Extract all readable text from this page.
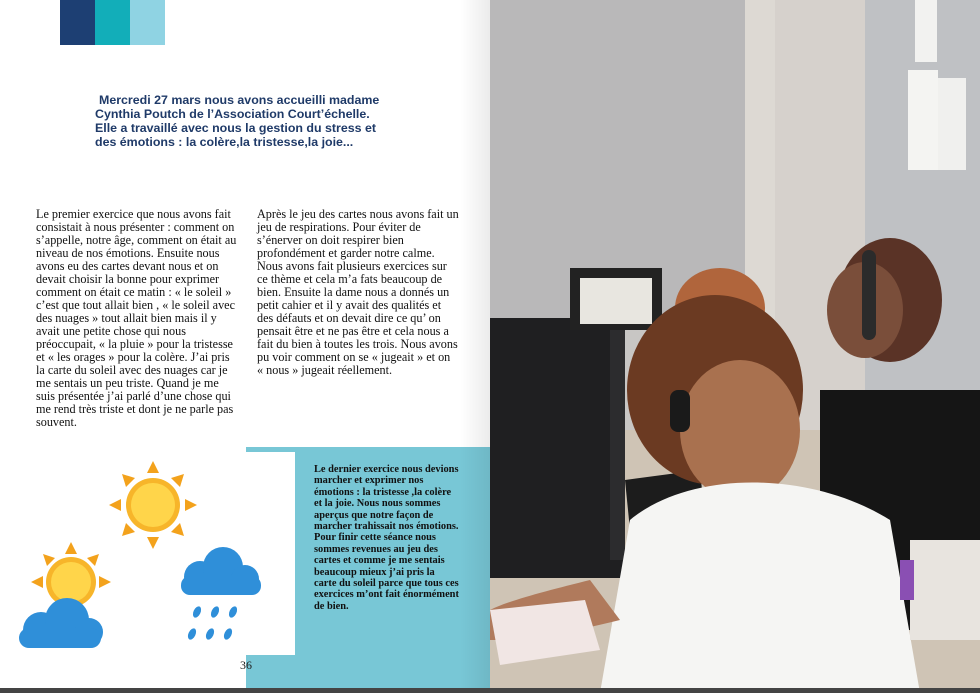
Mercredi 27 mars nous avons accueilli madame
Cynthia Poutch de l’Association Court’échelle.
Elle a travaillé avec nous la gestion du stress et
des émotions : la colère,la tristesse,la joie...
Le premier exercice que nous avons fait consistait à nous présenter : comment on s’appelle, notre âge, comment on était au niveau de nos émotions. Ensuite nous avons eu des cartes devant nous et on devait choisir la bonne pour exprimer comment on était ce matin : « le soleil » c’est que tout allait bien , « le soleil avec des nuages » tout allait bien mais il y avait une petite chose qui nous préoccupait, « la pluie » pour la tristesse et « les orages » pour la colère. J’ai pris la carte du soleil avec des nuages car je me sentais un peu triste. Quand je me suis présentée j’ai parlé d’une chose qui me rend très triste et dont je ne parle pas souvent.
Après le jeu des cartes nous avons fait un jeu de respirations. Pour éviter de s’énerver on doit respirer bien profondément et garder notre calme. Nous avons fait plusieurs exercices sur ce thème et cela m’a fats beaucoup de bien. Ensuite la dame nous a donnés un petit cahier et il y avait des qualités et des défauts et on devait dire ce qu’ on pensait être et ne pas être et cela nous a fait du bien à toutes les trois. Nous avons pu voir comment on se « jugeait » et on « nous » jugeait réellement.
Le dernier exercice nous devions marcher et exprimer nos émotions : la tristesse ,la colère et la joie. Nous nous sommes aperçus que notre façon de marcher trahissait nos émotions. Pour finir cette séance nous sommes revenues au jeu des cartes et comme je me sentais beaucoup mieux j’ai pris la carte du soleil parce que tous ces exercices m’ont fait énormément de bien.
36
